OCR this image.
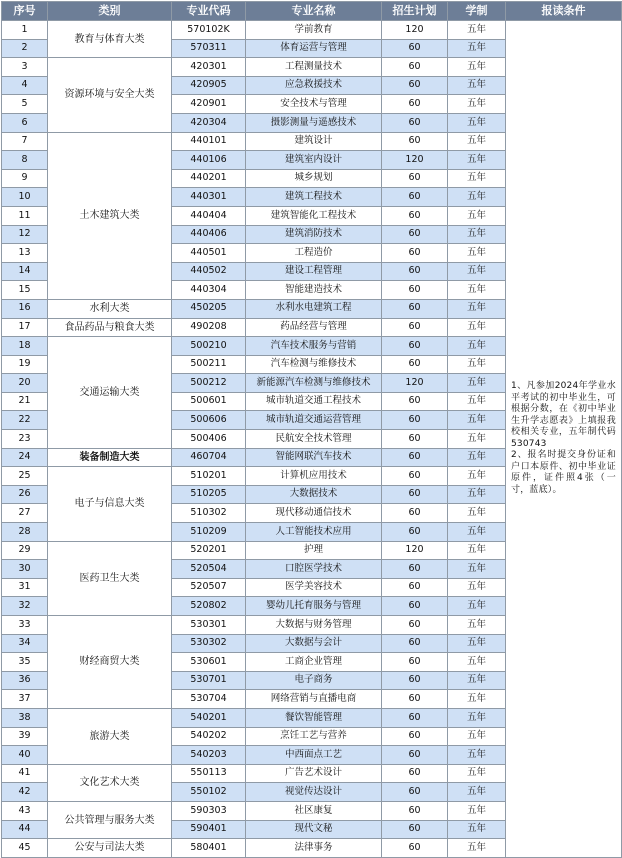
序号	类别	专业代码	专业名称	招生计划	学制	报读条件
1	教育与体育大类	570102K	学前教育	120	五年	1、凡参加2024年学业水平考试的初中毕业生，可根据分数，在《初中毕业生升学志愿表》上填报我校相关专业，五年制代码530743

2、报名时提交身份证和户口本原件、初中毕业证原件，证件照4张（一寸，蓝底）。

2		570311	体育运营与管理	60	五年	
3	资源环境与安全大类	420301	工程测量技术	60	五年	
4		420905	应急救援技术	60	五年	
5		420901	安全技术与管理	60	五年	
6		420304	摄影测量与遥感技术	60	五年	
7	土木建筑大类	440101	建筑设计	60	五年	
8		440106	建筑室内设计	120	五年	
9		440201	城乡规划	60	五年	
10		440301	建筑工程技术	60	五年	
11		440404	建筑智能化工程技术	60	五年	
12		440406	建筑消防技术	60	五年	
13		440501	工程造价	60	五年	
14		440502	建设工程管理	60	五年	
15		440304	智能建造技术	60	五年	
16	水利大类	450205	水利水电建筑工程	60	五年	
17	食品药品与粮食大类	490208	药品经营与管理	60	五年	
18	交通运输大类	500210	汽车技术服务与营销	60	五年	
19		500211	汽车检测与维修技术	60	五年	
20		500212	新能源汽车检测与维修技术	120	五年	
21		500601	城市轨道交通工程技术	60	五年	
22		500606	城市轨道交通运营管理	60	五年	
23		500406	民航安全技术管理	60	五年	
24	装备制造大类	460704	智能网联汽车技术	60	五年	
25	电子与信息大类	510201	计算机应用技术	60	五年	
26		510205	大数据技术	60	五年	
27		510302	现代移动通信技术	60	五年	
28		510209	人工智能技术应用	60	五年	
29	医药卫生大类	520201	护理	120	五年	
30		520504	口腔医学技术	60	五年	
31		520507	医学美容技术	60	五年	
32		520802	婴幼儿托育服务与管理	60	五年	
33	财经商贸大类	530301	大数据与财务管理	60	五年	
34		530302	大数据与会计	60	五年	
35		530601	工商企业管理	60	五年	
36		530701	电子商务	60	五年	
37		530704	网络营销与直播电商	60	五年	
38	旅游大类	540201	餐饮智能管理	60	五年	
39		540202	烹饪工艺与营养	60	五年	
40		540203	中西面点工艺	60	五年	
41	文化艺术大类	550113	广告艺术设计	60	五年	
42		550102	视觉传达设计	60	五年	
43	公共管理与服务大类	590303	社区康复	60	五年	
44		590401	现代文秘	60	五年	
45	公安与司法大类	580401	法律事务	60	五年	
